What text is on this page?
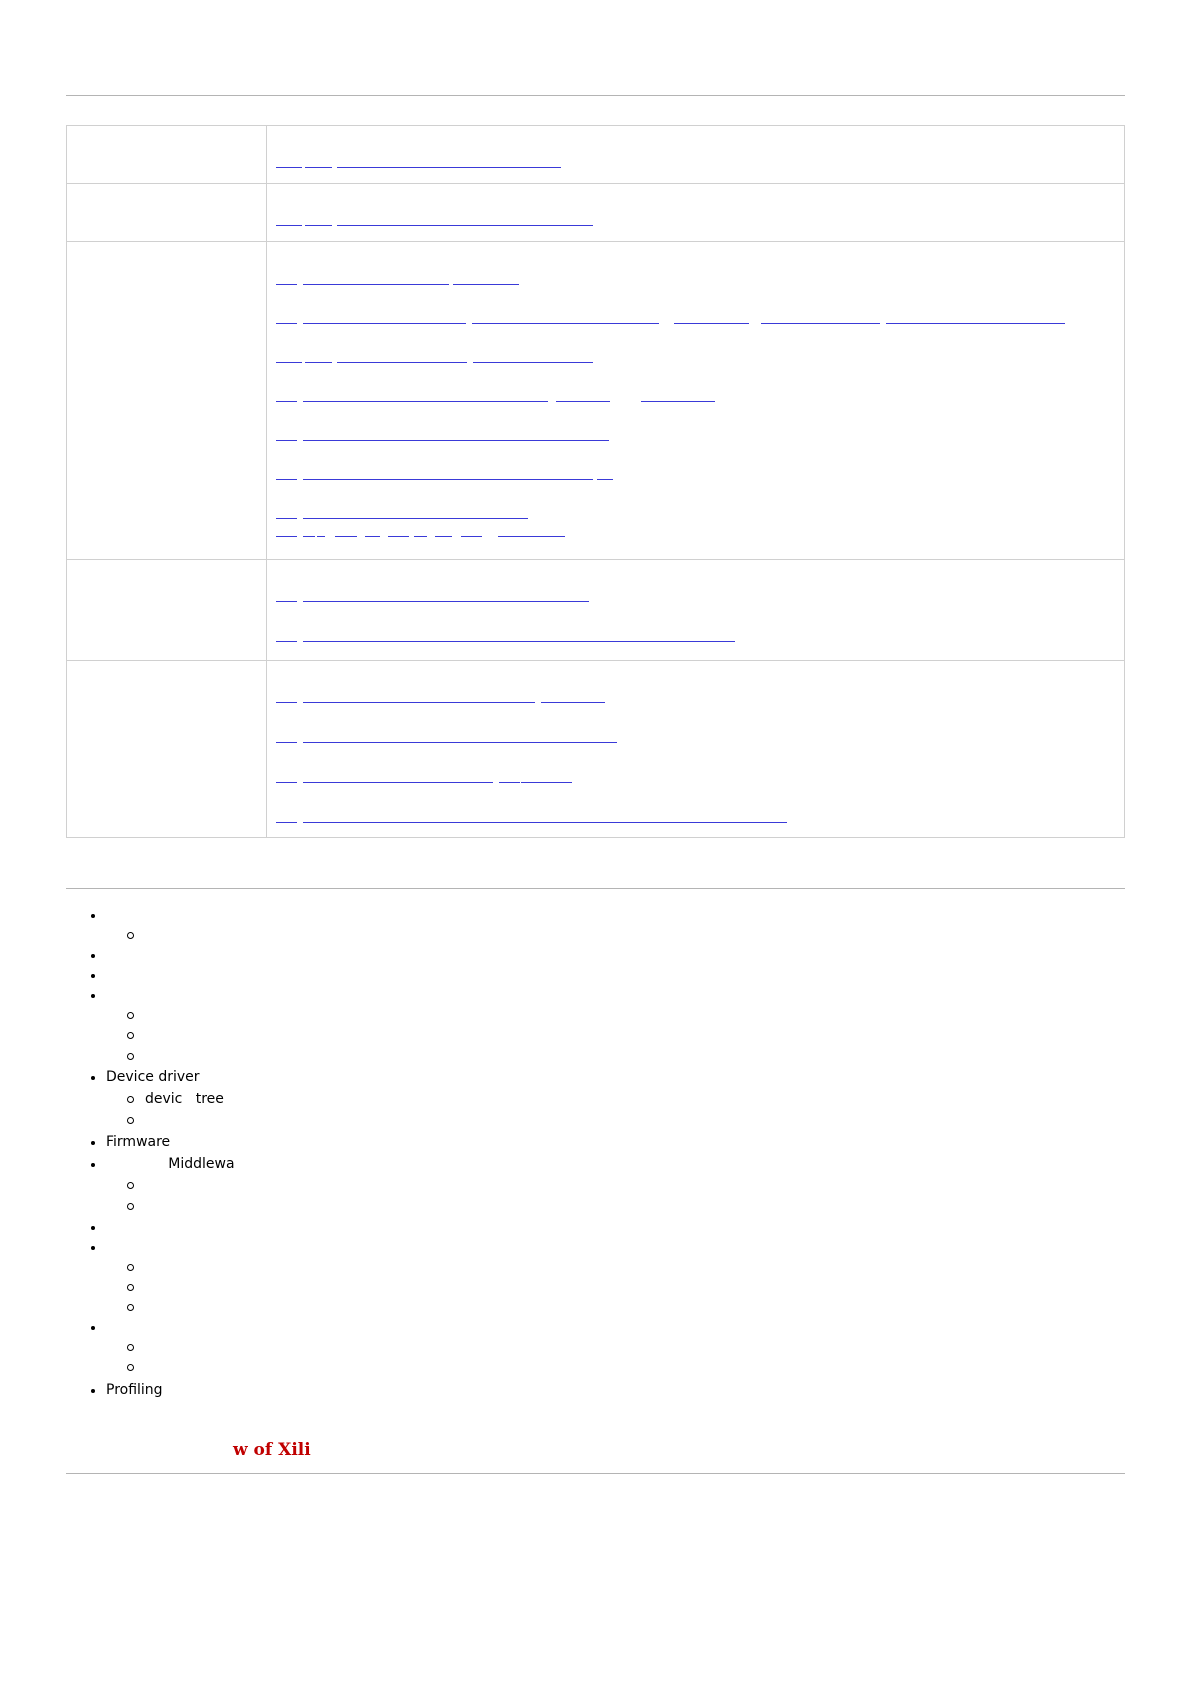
Device driver
devic   tree
Firmware
Middlewa
Profiling
w of Xili
